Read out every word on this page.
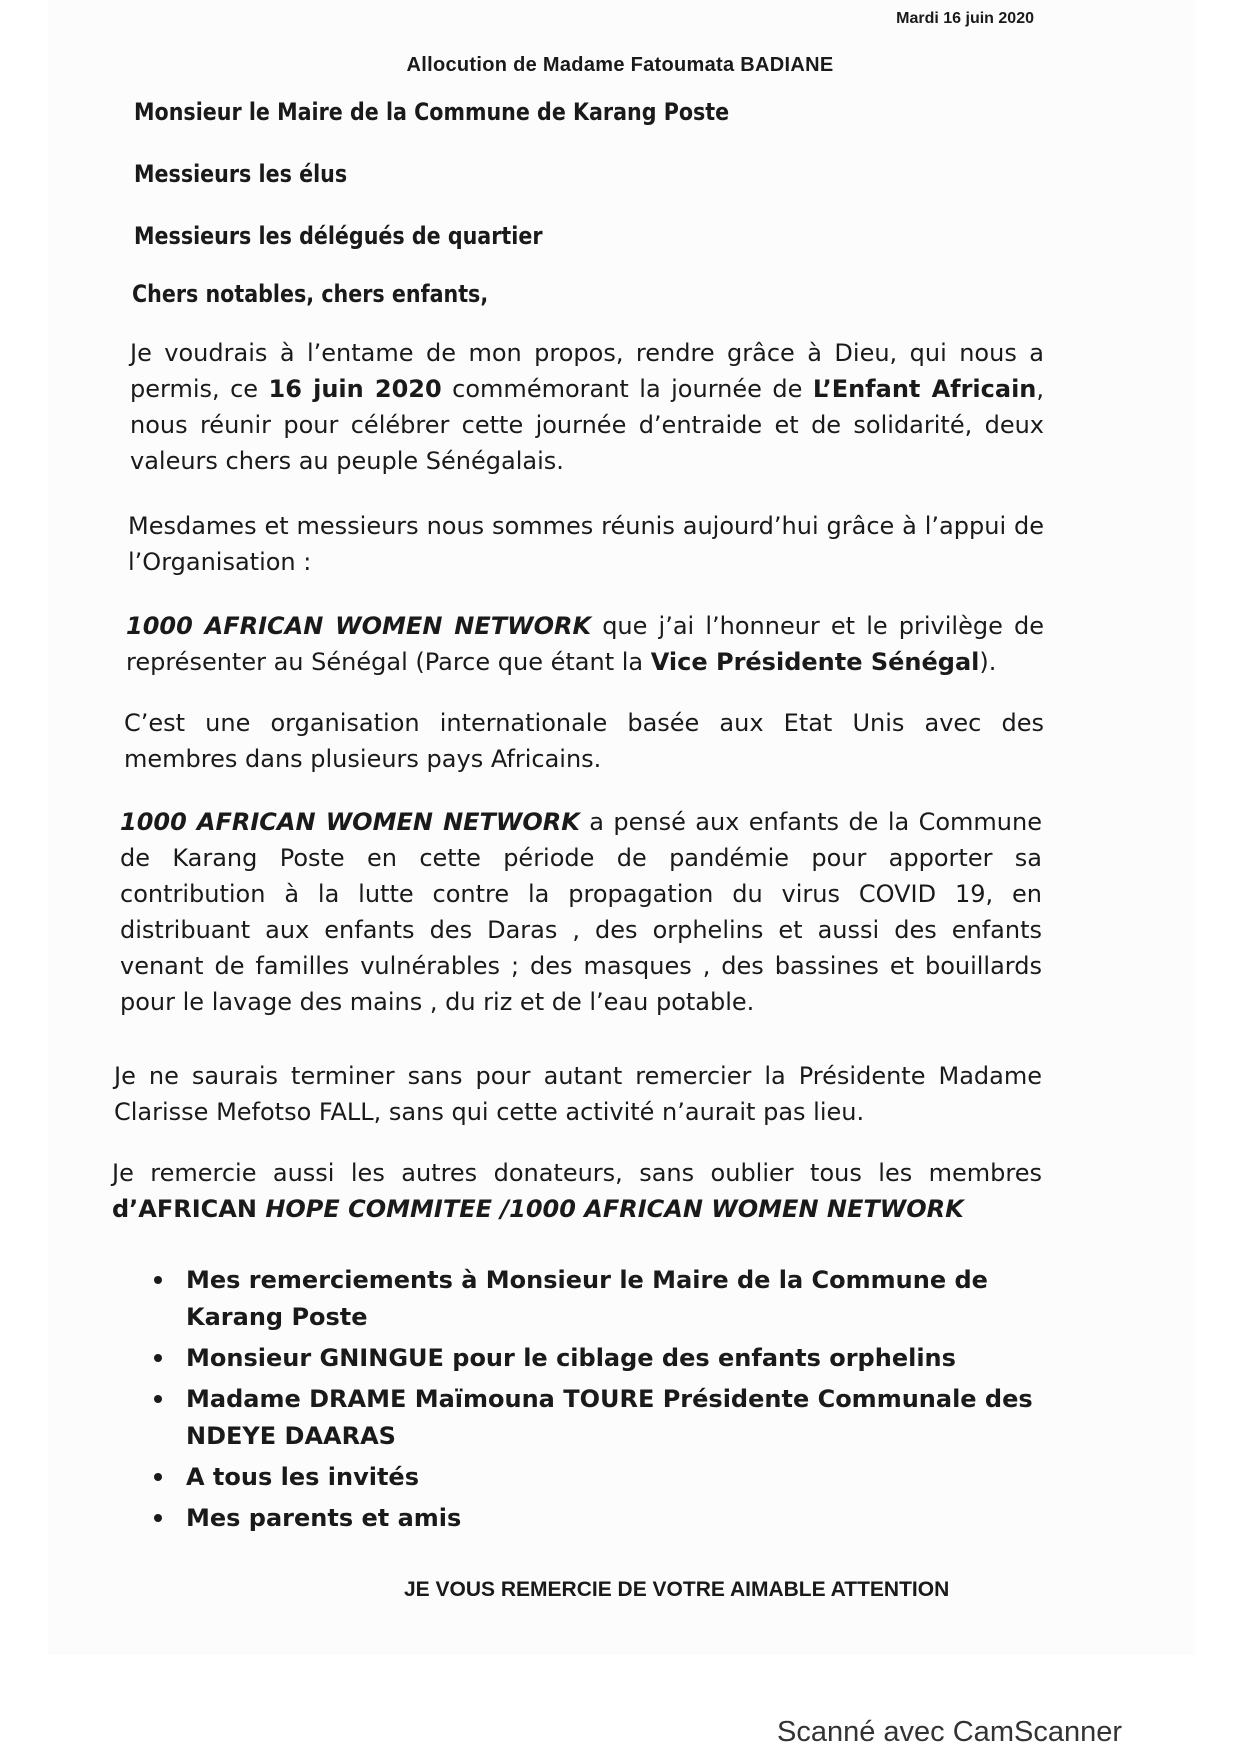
Mardi 16 juin 2020
Allocution de Madame Fatoumata BADIANE
Monsieur le Maire de la Commune de Karang Poste
Messieurs les élus
Messieurs les délégués de quartier
Chers notables, chers enfants,

Je voudrais à l’entame de mon propos, rendre grâce à Dieu, qui nous a permis, ce 16 juin 2020 commémorant la journée de L’Enfant Africain, nous réunir pour célébrer cette journée d’entraide et de solidarité, deux valeurs chers au peuple Sénégalais.

Mesdames et messieurs nous sommes réunis aujourd’hui grâce à l’appui de l’Organisation :

1000 AFRICAN WOMEN NETWORK que j’ai l’honneur et le privilège de représenter au Sénégal (Parce que étant la Vice Présidente Sénégal).

C’est une organisation internationale basée aux Etat Unis avec des membres dans plusieurs pays Africains.

1000 AFRICAN WOMEN NETWORK a pensé aux enfants de la Commune de Karang Poste en cette période de pandémie pour apporter sa contribution à la lutte contre la propagation du virus COVID 19, en distribuant aux enfants des Daras , des orphelins et aussi des enfants venant de familles vulnérables ; des masques , des bassines et bouillards pour le lavage des mains , du riz et de l’eau potable.

Je ne saurais terminer sans pour autant remercier la Présidente Madame Clarisse Mefotso FALL, sans qui cette activité n’aurait pas lieu.

Je remercie aussi les autres donateurs, sans oublier tous les membres d’AFRICAN HOPE COMMITEE /1000 AFRICAN WOMEN NETWORK

Mes remerciements à Monsieur le Maire de la Commune de Karang Poste
Monsieur GNINGUE pour le ciblage des enfants orphelins
Madame DRAME Maïmouna TOURE Présidente Communale des NDEYE DAARAS
A tous les invités
Mes parents et amis
JE VOUS REMERCIE DE VOTRE AIMABLE ATTENTION
Scanné avec CamScanner
